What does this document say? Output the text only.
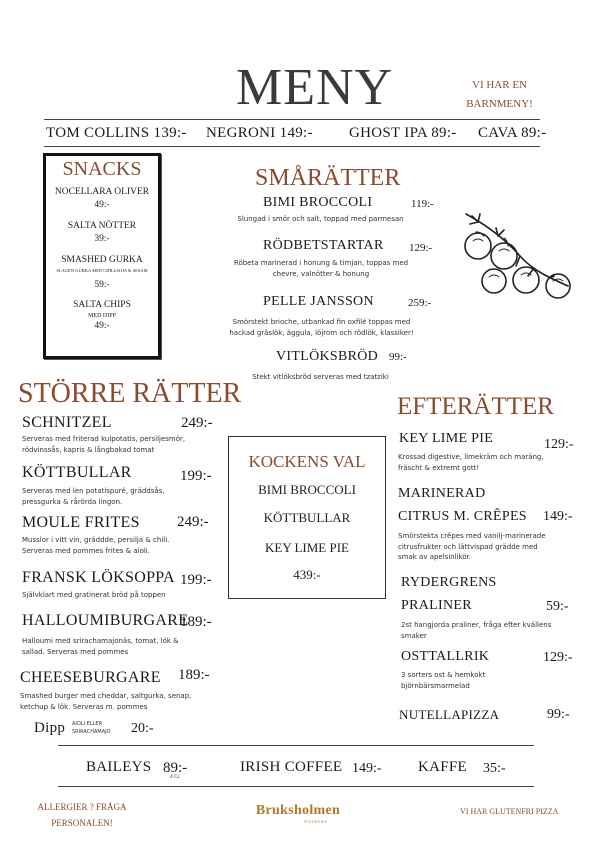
MENY	VI HAR EN
BARNMENY!
TOM COLLINS 139:- NEGRONI 149:- GHOST IPA 89:- CAVA 89:-
SNACKS
NOCELLARA OLIVER
49:-
SALTA NÖTTER
39:-
SMASHED GURKA
SLAGEN GURKA MED CHILI,SOJA & SESAM
59:-
SALTA CHIPS
MED DIPP
49:-
SMÅRÄTTER
BIMI BROCCOLI	119:-
Slungad i smör och salt, toppad med parmesan
RÖDBETSTARTAR 129:-
Röbeta marinerad i honung & timjan, toppas med chevre, valnötter & honung
PELLE JANSSON	259:-
Smörstekt brioche, utbankad fin oxfilé toppas med hackad gräslök, äggula, löjrom och rödlök, klassiker!
VITLÖKSBRÖD 99:-
Stekt vitlöksbröd serveras med tzatziki
STÖRRE RÄTTER
SCHNITZEL	249:-
Serveras med friterad kulpotatis, persiljesmör, rödvinssås, kapris & långbakad tomat
KÖTTBULLAR	199:-
Serveras med len potatispuré, gräddsås, pressgurka & rårörda lingon.
MOULE FRITES 249:-
Musslor i vitt vin, gräddde, persilja & chili. Serveras med pommes frites & aioli.
FRANSK LÖKSOPPA 199:-
Självklart med gratinerat bröd på toppen
HALLOUMIBURGARE
189:-
Halloumi med srirachamajonäs, tomat, lök & sallad. Serveras med pommes
CHEESEBURGARE 189:-
Smashed burger med cheddar, saltgurka, senap, ketchup & lök. Serveras m. pommes
Dipp AIOLI ELLER
SRIRACHAMAJO 20:-
KOCKENS VAL
BIMI BROCCOLI
KÖTTBULLAR
KEY LIME PIE
439:-
EFTERÄTTER
KEY LIME PIE	129:-
Krossad digestive, limekräm och maräng, fräscht & extremt gott!
MARINERAD
CITRUS M. CRÊPES 149:-
Smörstekta crêpes med vanilj-marinerade citrusfrukter och lättvispad grädde med smak av apelsinlikör.
RYDERGRENS
PRALINER	59:-
2st hangjorda praliner, fråga efter kvällens smaker
OSTTALLRIK	129:-
3 sorters ost & hemkokt björnbärsmarmelad
NUTELLAPIZZA	99:-
BAILEYS 89:-
4 CL
IRISH COFFEE 149:- KAFFE 35:-
ALLERGIER ? FRÅGA
PERSONALEN!
Bruksholmen
Forsnäs
VI HAR GLUTENFRI PIZZA
